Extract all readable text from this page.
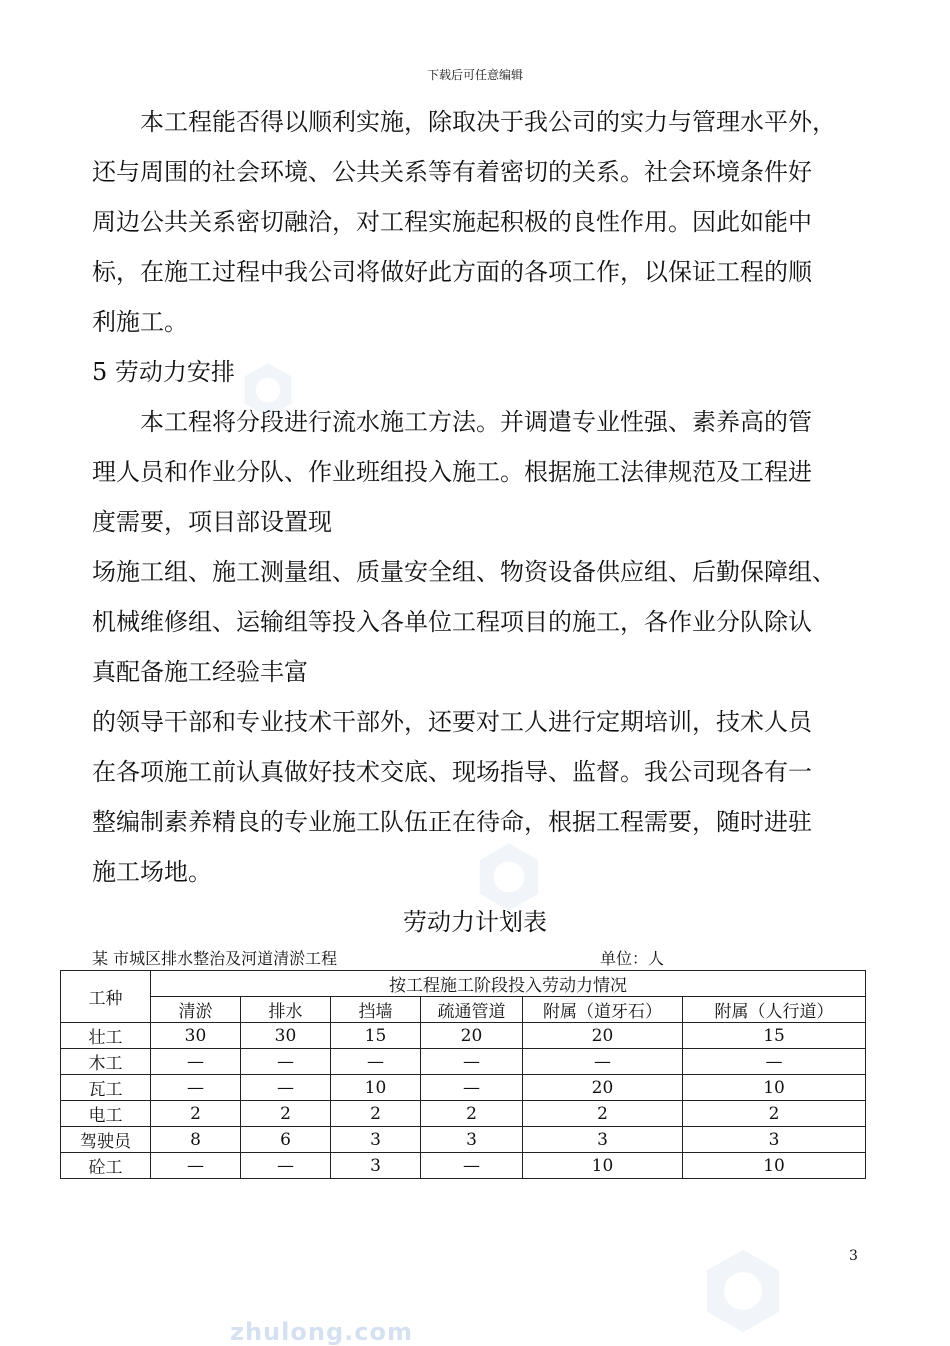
下载后可任意编辑
本工程能否得以顺利实施，除取决于我公司的实力与管理水平外，
还与周围的社会环境、公共关系等有着密切的关系。社会环境条件好
周边公共关系密切融洽，对工程实施起积极的良性作用。因此如能中
标，在施工过程中我公司将做好此方面的各项工作，以保证工程的顺
利施工。
5 劳动力安排
本工程将分段进行流水施工方法。并调遣专业性强、素养高的管
理人员和作业分队、作业班组投入施工。根据施工法律规范及工程进
度需要，项目部设置现
场施工组、施工测量组、质量安全组、物资设备供应组、后勤保障组、
机械维修组、运输组等投入各单位工程项目的施工，各作业分队除认
真配备施工经验丰富
的领导干部和专业技术干部外，还要对工人进行定期培训，技术人员
在各项施工前认真做好技术交底、现场指导、监督。我公司现各有一
整编制素养精良的专业施工队伍正在待命，根据工程需要，随时进驻
施工场地。
劳动力计划表
某 市城区排水整治及河道清淤工程	单位：人
工种	按工程施工阶段投入劳动力情况					
	清淤	排水	挡墙	疏通管道	附属（道牙石）	附属（人行道）
壮工	30	30	15	20	20	15
木工	—	—	—	—	—	—
瓦工	—	—	10	—	20	10
电工	2	2	2	2	2	2
驾驶员	8	6	3	3	3	3
砼工	—	—	3	—	10	10
3
zhulong.com
